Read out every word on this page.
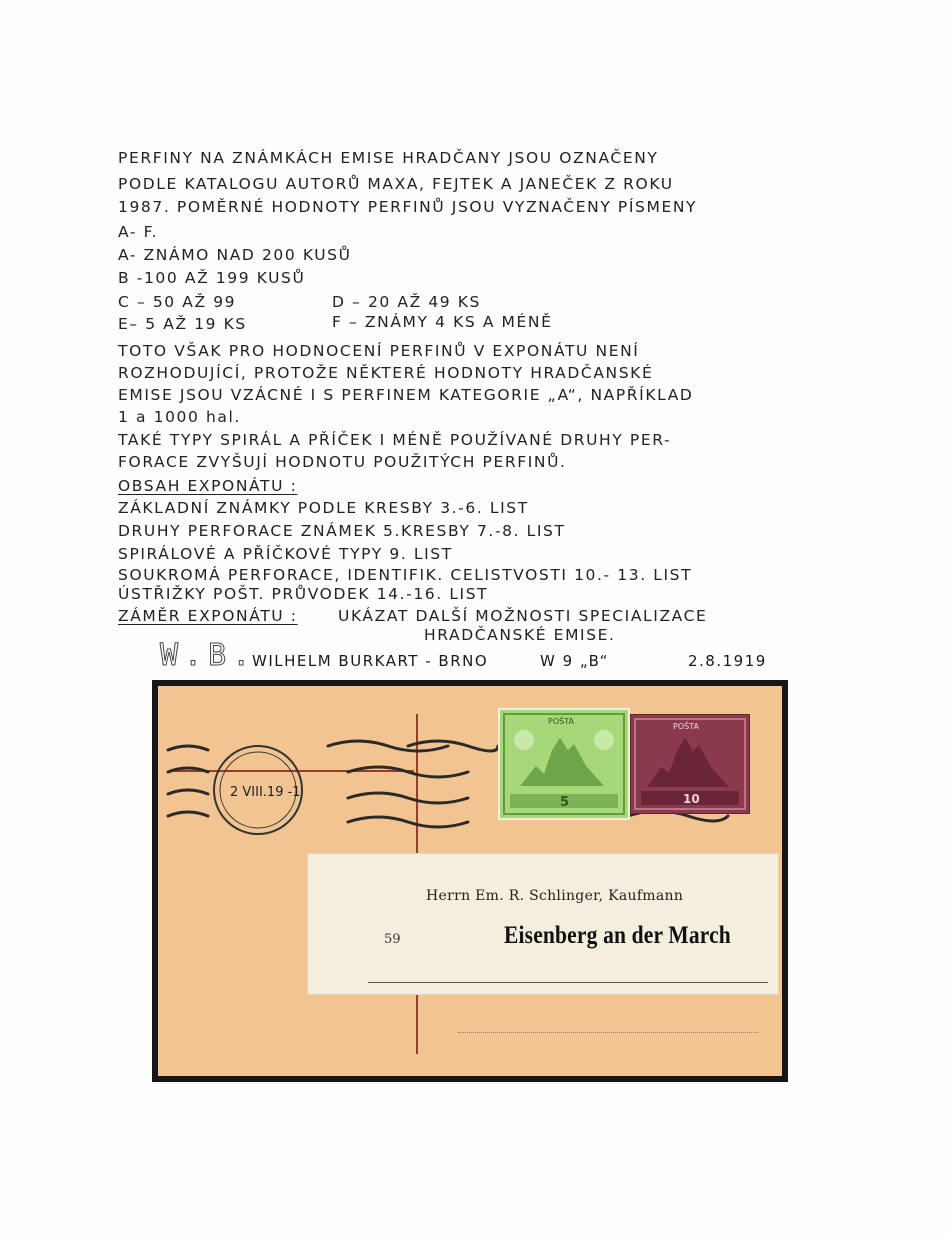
PERFINY NA ZNÁMKÁCH EMISE HRADČANY JSOU OZNAČENY
PODLE KATALOGU AUTORŮ MAXA, FEJTEK A JANEČEK Z ROKU
1987. POMĚRNÉ HODNOTY PERFINŮ JSOU VYZNAČENY PÍSMENY
A- F.
A- ZNÁMO NAD 200 KUSŮ
B -100 AŽ 199 KUSŮ
C – 50 AŽ 99	D – 20 AŽ 49 KS
E– 5 AŽ 19 KS	F – ZNÁMY 4 KS A MÉNĚ
TOTO VŠAK PRO HODNOCENÍ PERFINŮ V EXPONÁTU NENÍ
ROZHODUJÍCÍ, PROTOŽE NĚKTERÉ HODNOTY HRADČANSKÉ
EMISE JSOU VZÁCNÉ I S PERFINEM KATEGORIE „A“, NAPŘÍKLAD
1 a 1000 hal.
TAKÉ TYPY SPIRÁL A PŘÍČEK I MÉNĚ POUŽÍVANÉ DRUHY PER-
FORACE ZVYŠUJÍ HODNOTU POUŽITÝCH PERFINŮ.
OBSAH EXPONÁTU :
ZÁKLADNÍ ZNÁMKY PODLE KRESBY 3.-6. LIST
DRUHY PERFORACE ZNÁMEK 5.KRESBY 7.-8. LIST
SPIRÁLOVÉ A PŘÍČKOVÉ TYPY 9. LIST
SOUKROMÁ PERFORACE, IDENTIFIK. CELISTVOSTI 10.- 13. LIST
ÚSTŘIŽKY POŠT. PRŮVODEK 14.-16. LIST
ZÁMĚR EXPONÁTU :	UKÁZAT DALŠÍ MOŽNOSTI SPECIALIZACE
HRADČANSKÉ EMISE.
W.B.
WILHELM BURKART - BRNO	W 9 „B“	2.8.1919
2 VIII.19 -1
POŠTA
5
POŠTA
10
Herrn Em. R. Schlinger, Kaufmann
59	Eisenberg an der March
